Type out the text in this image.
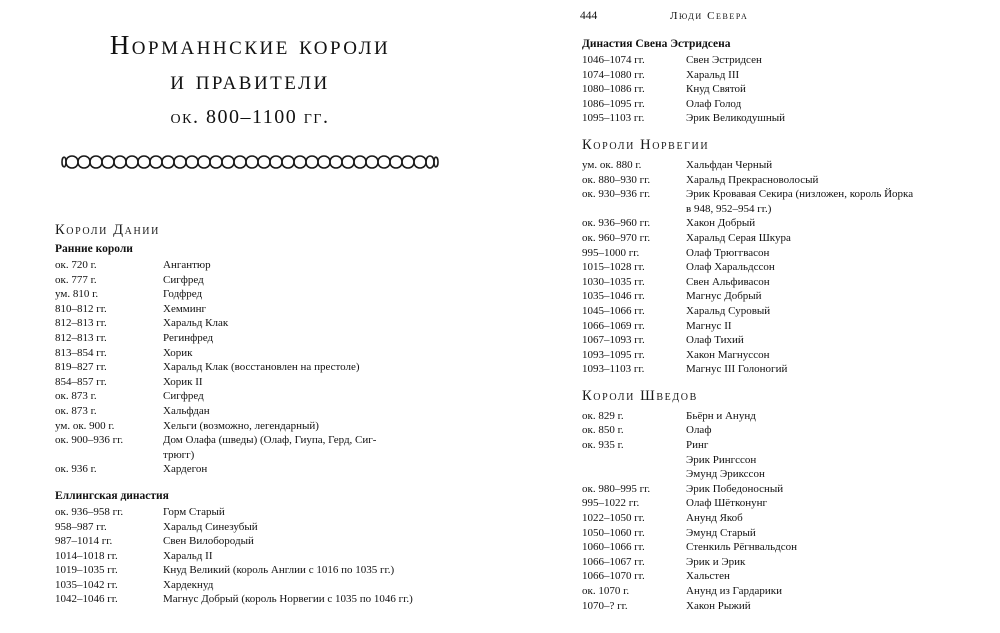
Норманнские короли
и правители
ок. 800–1100 гг.
Короли Дании
Ранние короли
ок. 720 г.	Ангантюр
ок. 777 г.	Сигфред
ум. 810 г.	Годфред
810–812 гг.	Хемминг
812–813 гг.	Харальд Клак
812–813 гг.	Регинфред
813–854 гг.	Хорик
819–827 гг.	Харальд Клак (восстановлен на престоле)
854–857 гг.	Хорик II
ок. 873 г.	Сигфред
ок. 873 г.	Хальфдан
ум. ок. 900 г.	Хельги (возможно, легендарный)
ок. 900–936 гг.	Дом Олафа (шведы) (Олаф, Гиупа, Герд, Сиг-
трюгг)
ок. 936 г.	Хардегон
Еллингская династия
ок. 936–958 гг.	Горм Старый
958–987 гг.	Харальд Синезубый
987–1014 гг.	Свен Вилобородый
1014–1018 гг.	Харальд II
1019–1035 гг.	Кнуд Великий (король Англии с 1016 по 1035 гг.)
1035–1042 гг.	Хардекнуд
1042–1046 гг.	Магнус Добрый (король Норвегии с 1035 по 1046 гг.)
444	Люди Севера
Династия Свена Эстридсена
1046–1074 гг.	Свен Эстридсен
1074–1080 гг.	Харальд III
1080–1086 гг.	Кнуд Святой
1086–1095 гг.	Олаф Голод
1095–1103 гг.	Эрик Великодушный
Короли Норвегии
ум. ок. 880 г.	Хальфдан Черный
ок. 880–930 гг.	Харальд Прекрасноволосый
ок. 930–936 гг.	Эрик Кровавая Секира (низложен, король Йорка
в 948, 952–954 гг.)
ок. 936–960 гг.	Хакон Добрый
ок. 960–970 гг.	Харальд Серая Шкура
995–1000 гг.	Олаф Трюггвасон
1015–1028 гг.	Олаф Харальдссон
1030–1035 гг.	Свен Альфивасон
1035–1046 гг.	Магнус Добрый
1045–1066 гг.	Харальд Суровый
1066–1069 гг.	Магнус II
1067–1093 гг.	Олаф Тихий
1093–1095 гг.	Хакон Магнуссон
1093–1103 гг.	Магнус III Голоногий
Короли Шведов
ок. 829 г.	Бьёрн и Анунд
ок. 850 г.	Олаф
ок. 935 г.	Ринг
Эрик Рингссон
Эмунд Эрикссон
ок. 980–995 гг.	Эрик Победоносный
995–1022 гг.	Олаф Шётконунг
1022–1050 гг.	Анунд Якоб
1050–1060 гг.	Эмунд Старый
1060–1066 гг.	Стенкиль Рёгнвальдсон
1066–1067 гг.	Эрик и Эрик
1066–1070 гг.	Хальстен
ок. 1070 г.	Анунд из Гардарики
1070–? гг.	Хакон Рыжий
